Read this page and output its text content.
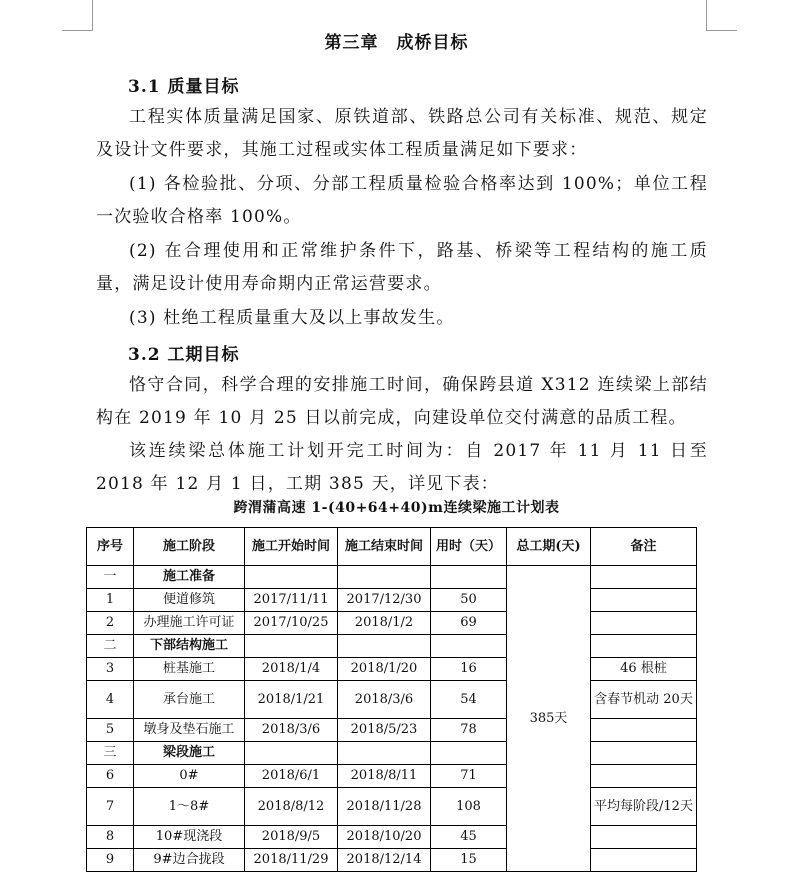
第三章 成桥目标
3.1 质量目标
工程实体质量满足国家、原铁道部、铁路总公司有关标准、规范、规定及设计文件要求，其施工过程或实体工程质量满足如下要求：
(1) 各检验批、分项、分部工程质量检验合格率达到 100%；单位工程一次验收合格率 100%。
(2) 在合理使用和正常维护条件下，路基、桥梁等工程结构的施工质量，满足设计使用寿命期内正常运营要求。
(3) 杜绝工程质量重大及以上事故发生。
3.2 工期目标
恪守合同，科学合理的安排施工时间，确保跨县道 X312 连续梁上部结构在 2019 年 10 月 25 日以前完成，向建设单位交付满意的品质工程。
该连续梁总体施工计划开完工时间为：自 2017 年 11 月 11 日至 2018 年 12 月 1 日，工期 385 天，详见下表：
跨渭蒲高速 1-(40+64+40)m连续梁施工计划表
序号	施工阶段	施工开始时间	施工结束时间	用时（天）	总工期(天)	备注
一	施工准备				385天	
1	便道修筑	2017/11/11	2017/12/30	50		
2	办理施工许可证	2017/10/25	2018/1/2	69		
二	下部结构施工					
3	桩基施工	2018/1/4	2018/1/20	16		46 根桩
4	承台施工	2018/1/21	2018/3/6	54		含春节机动 20天
5	墩身及垫石施工	2018/3/6	2018/5/23	78		
三	梁段施工					
6	0#	2018/6/1	2018/8/11	71		
7	1～8#	2018/8/12	2018/11/28	108		平均每阶段/12天
8	10#现浇段	2018/9/5	2018/10/20	45		
9	9#边合拢段	2018/11/29	2018/12/14	15		
